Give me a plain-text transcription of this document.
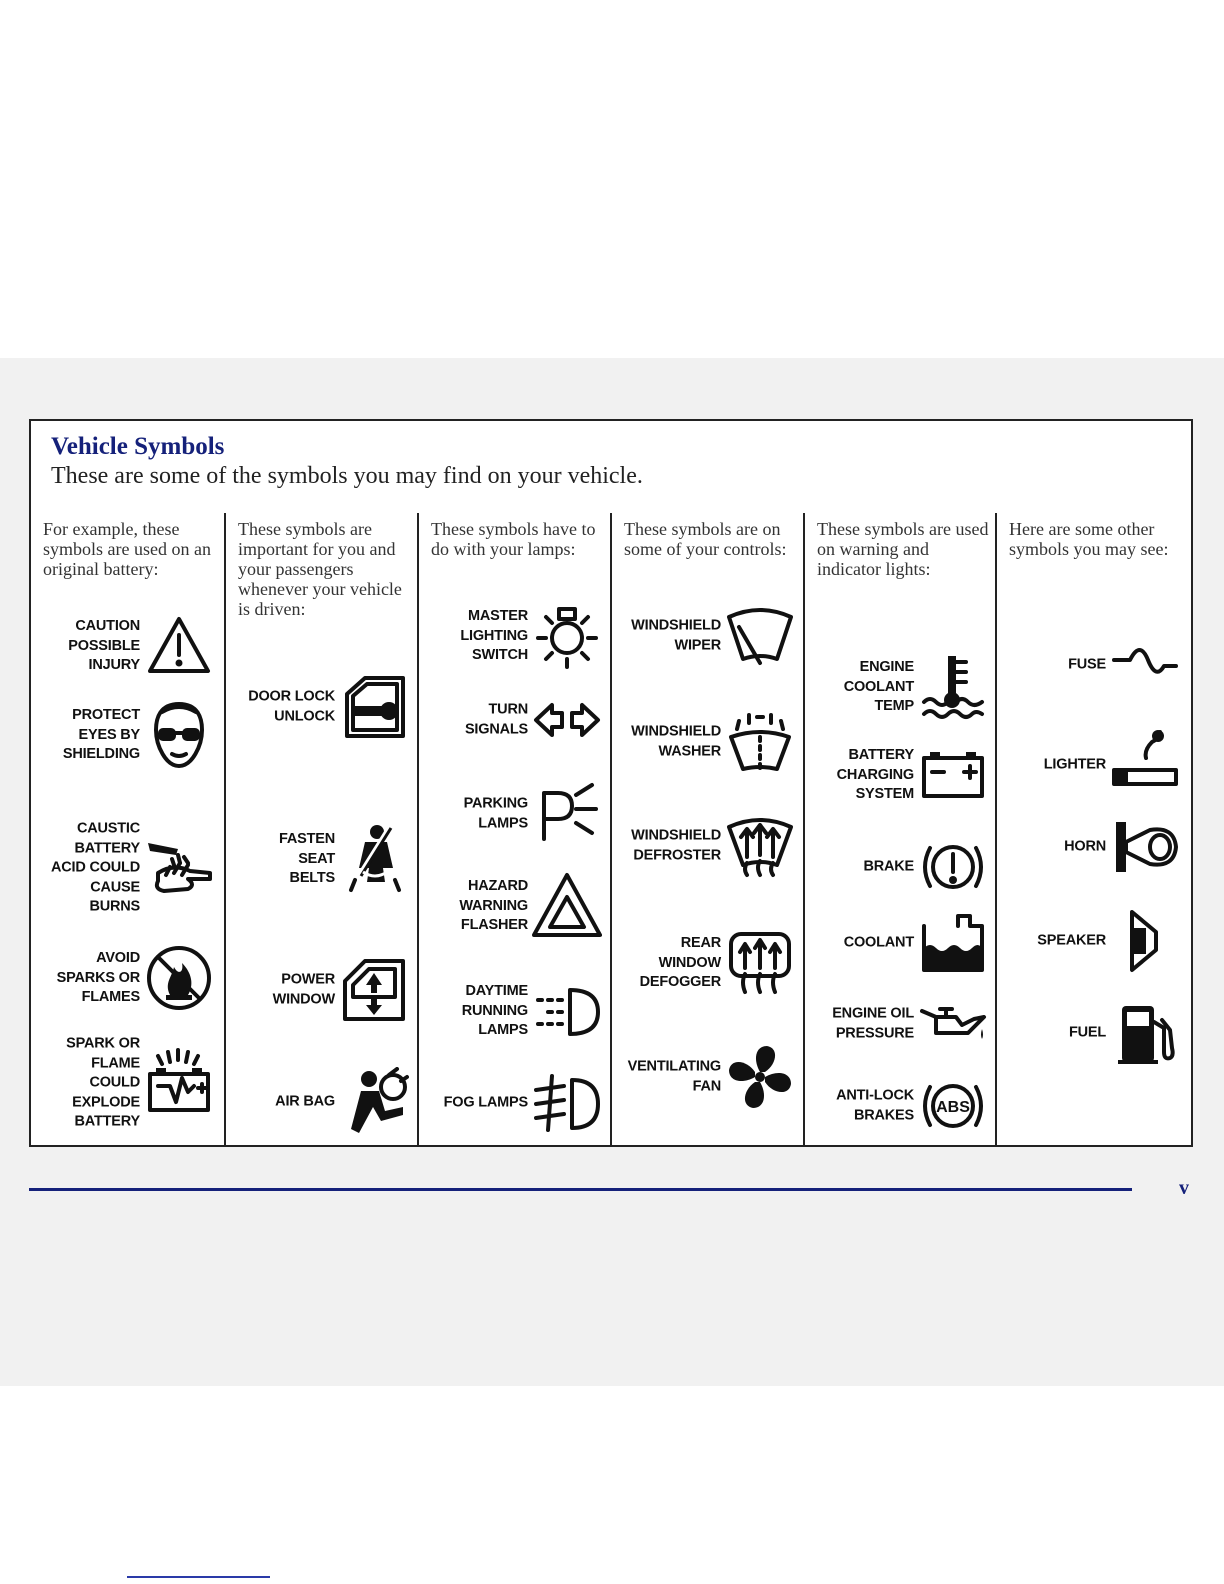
Vehicle Symbols
These are some of the symbols you may find on your vehicle.
For example, these symbols are used on an original battery:
CAUTION
POSSIBLE
INJURY
PROTECT
EYES BY
SHIELDING
CAUSTIC
BATTERY
ACID COULD
CAUSE
BURNS
AVOID
SPARKS OR
FLAMES
SPARK OR
FLAME
COULD
EXPLODE
BATTERY
These symbols are important for you and your passengers whenever your vehicle is driven:
DOOR LOCK
UNLOCK
FASTEN
SEAT
BELTS
POWER
WINDOW
AIR BAG
These symbols have to do with your lamps:
MASTER
LIGHTING
SWITCH
TURN
SIGNALS
PARKING
LAMPS
HAZARD
WARNING
FLASHER
DAYTIME
RUNNING
LAMPS
FOG LAMPS
These symbols are on some of your controls:
WINDSHIELD
WIPER
WINDSHIELD
WASHER
WINDSHIELD
DEFROSTER
REAR
WINDOW
DEFOGGER
VENTILATING
FAN
These symbols are used on warning and indicator lights:
ENGINE
COOLANT
TEMP
BATTERY
CHARGING
SYSTEM
BRAKE
COOLANT
ENGINE OIL
PRESSURE
ANTI-LOCK
BRAKES ABS
Here are some other symbols you may see:
FUSE
LIGHTER
HORN
SPEAKER
FUEL
v
